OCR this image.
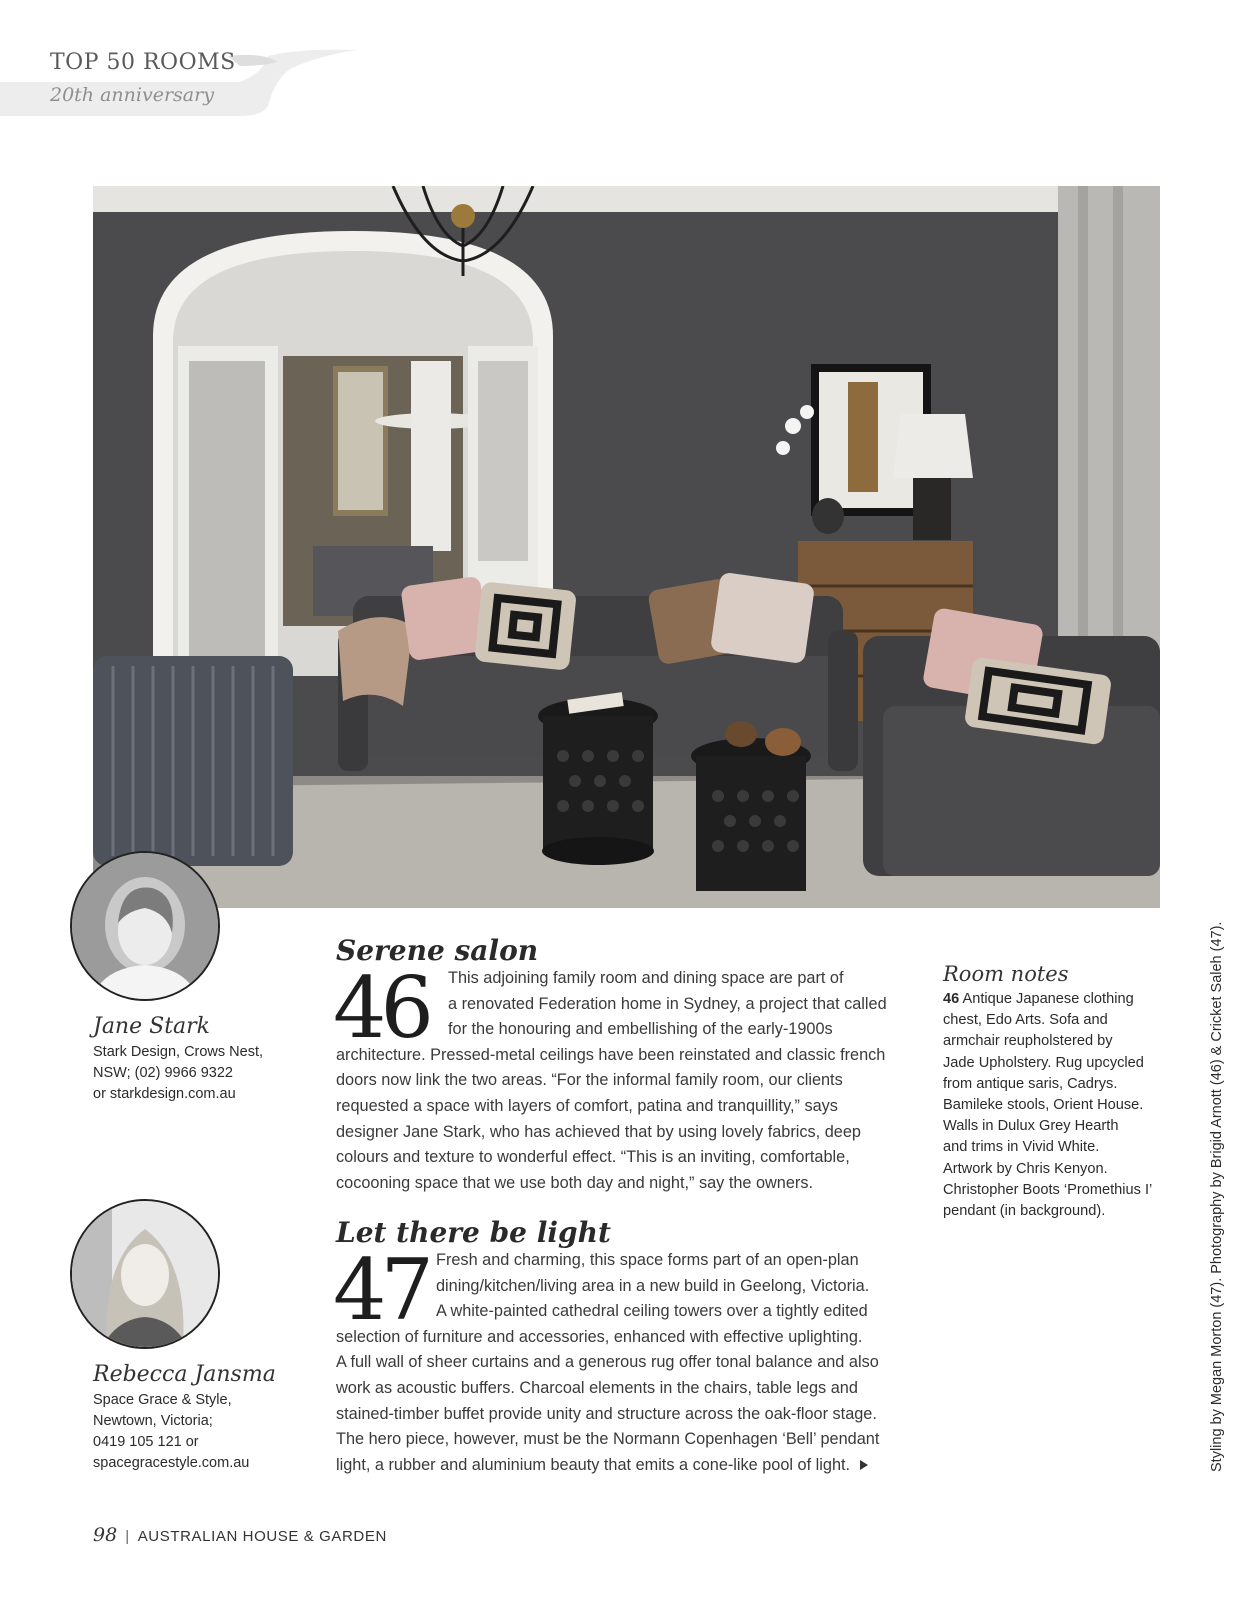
TOP 50 ROOMS
20th anniversary
Jane Stark
Stark Design, Crows Nest,
NSW; (02) 9966 9322
or starkdesign.com.au
Rebecca Jansma
Space Grace & Style,
Newtown, Victoria;
0419 105 121 or
spacegracestyle.com.au
Serene salon
46 This adjoining family room and dining space are part of
a renovated Federation home in Sydney, a project that called
for the honouring and embellishing of the early-1900s
architecture. Pressed-metal ceilings have been reinstated and classic french
doors now link the two areas. “For the informal family room, our clients
requested a space with layers of comfort, patina and tranquillity,” says
designer Jane Stark, who has achieved that by using lovely fabrics, deep
colours and texture to wonderful effect. “This is an inviting, comfortable,
cocooning space that we use both day and night,” say the owners.
Let there be light
47 Fresh and charming, this space forms part of an open-plan
dining/kitchen/living area in a new build in Geelong, Victoria.
A white-painted cathedral ceiling towers over a tightly edited
selection of furniture and accessories, enhanced with effective uplighting.
A full wall of sheer curtains and a generous rug offer tonal balance and also
work as acoustic buffers. Charcoal elements in the chairs, table legs and
stained-timber buffet provide unity and structure across the oak-floor stage.
The hero piece, however, must be the Normann Copenhagen ‘Bell’ pendant
light, a rubber and aluminium beauty that emits a cone-like pool of light.
Room notes
46 Antique Japanese clothing
chest, Edo Arts. Sofa and
armchair reupholstered by
Jade Upholstery. Rug upcycled
from antique saris, Cadrys.
Bamileke stools, Orient House.
Walls in Dulux Grey Hearth
and trims in Vivid White.
Artwork by Chris Kenyon.
Christopher Boots ‘Promethius I’
pendant (in background).	Styling by Megan Morton (47). Photography by Brigid Arnott (46) & Cricket Saleh (47).
98 | AUSTRALIAN HOUSE & GARDEN
